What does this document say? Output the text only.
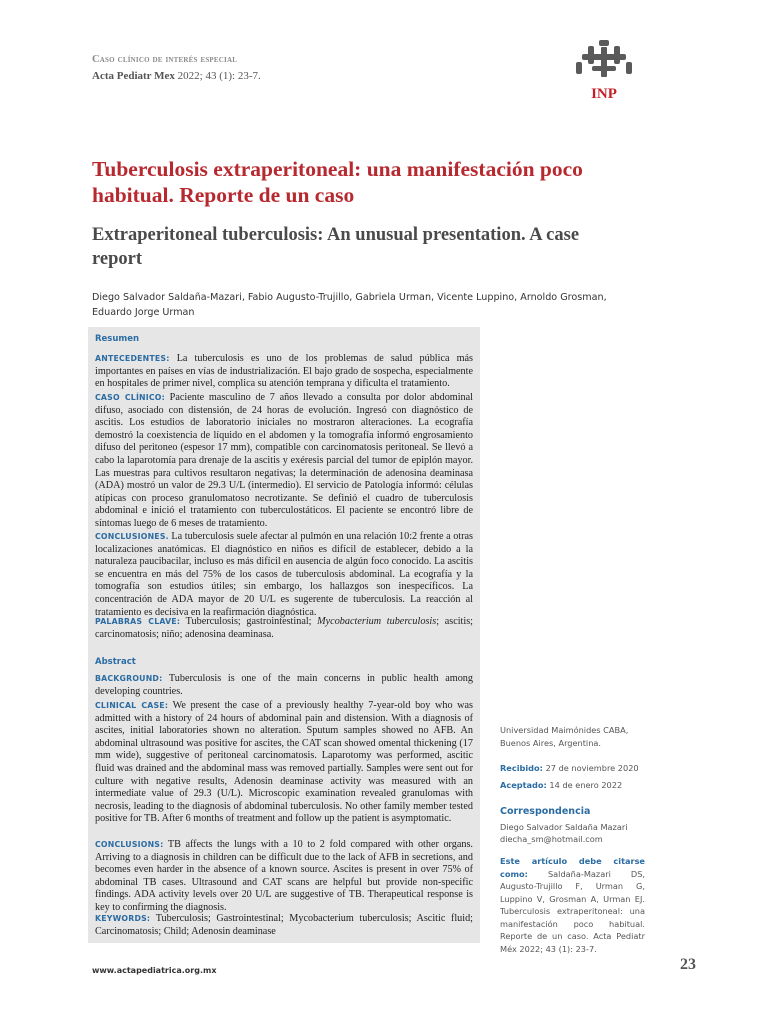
Caso clínico de interés especial
Acta Pediatr Mex 2022; 43 (1): 23-7.
INP
Tuberculosis extraperitoneal: una manifestación poco habitual. Reporte de un caso
Extraperitoneal tuberculosis: An unusual presentation. A case report
Diego Salvador Saldaña-Mazari, Fabio Augusto-Trujillo, Gabriela Urman, Vicente Luppino, Arnoldo Grosman, Eduardo Jorge Urman
Resumen
ANTECEDENTES: La tuberculosis es uno de los problemas de salud pública más importantes en países en vías de industrialización. El bajo grado de sospecha, especialmente en hospitales de primer nivel, complica su atención temprana y dificulta el tratamiento.
CASO CLÍNICO: Paciente masculino de 7 años llevado a consulta por dolor abdominal difuso, asociado con distensión, de 24 horas de evolución. Ingresó con diagnóstico de ascitis. Los estudios de laboratorio iniciales no mostraron alteraciones. La ecografía demostró la coexistencia de líquido en el abdomen y la tomografía informó engrosamiento difuso del peritoneo (espesor 17 mm), compatible con carcinomatosis peritoneal. Se llevó a cabo la laparotomía para drenaje de la ascitis y exéresis parcial del tumor de epiplón mayor. Las muestras para cultivos resultaron negativas; la determinación de adenosina deaminasa (ADA) mostró un valor de 29.3 U/L (intermedio). El servicio de Patología informó: células atípicas con proceso granulomatoso necrotizante. Se definió el cuadro de tuberculosis abdominal e inició el tratamiento con tuberculostáticos. El paciente se encontró libre de síntomas luego de 6 meses de tratamiento.
CONCLUSIONES. La tuberculosis suele afectar al pulmón en una relación 10:2 frente a otras localizaciones anatómicas. El diagnóstico en niños es difícil de establecer, debido a la naturaleza paucibacilar, incluso es más difícil en ausencia de algún foco conocido. La ascitis se encuentra en más del 75% de los casos de tuberculosis abdominal. La ecografía y la tomografía son estudios útiles; sin embargo, los hallazgos son inespecíficos. La concentración de ADA mayor de 20 U/L es sugerente de tuberculosis. La reacción al tratamiento es decisiva en la reafirmación diagnóstica.
PALABRAS CLAVE: Tuberculosis; gastrointestinal; Mycobacterium tuberculosis; ascitis; carcinomatosis; niño; adenosina deaminasa.
Abstract
BACKGROUND: Tuberculosis is one of the main concerns in public health among developing countries.
CLINICAL CASE: We present the case of a previously healthy 7-year-old boy who was admitted with a history of 24 hours of abdominal pain and distension. With a diagnosis of ascites, initial laboratories shown no alteration. Sputum samples showed no AFB. An abdominal ultrasound was positive for ascites, the CAT scan showed omental thickening (17 mm wide), suggestive of peritoneal carcinomatosis. Laparotomy was performed, ascitic fluid was drained and the abdominal mass was removed partially. Samples were sent out for culture with negative results, Adenosin deaminase activity was measured with an intermediate value of 29.3 (U/L). Microscopic examination revealed granulomas with necrosis, leading to the diagnosis of abdominal tuberculosis. No other family member tested positive for TB. After 6 months of treatment and follow up the patient is asymptomatic.
CONCLUSIONS: TB affects the lungs with a 10 to 2 fold compared with other organs. Arriving to a diagnosis in children can be difficult due to the lack of AFB in secretions, and becomes even harder in the absence of a known source. Ascites is present in over 75% of abdominal TB cases. Ultrasound and CAT scans are helpful but provide non-specific findings. ADA activity levels over 20 U/L are suggestive of TB. Therapeutical response is key to confirming the diagnosis.
KEYWORDS: Tuberculosis; Gastrointestinal; Mycobacterium tuberculosis; Ascitic fluid; Carcinomatosis; Child; Adenosin deaminase
Universidad Maimónides CABA, Buenos Aires, Argentina.
Recibido: 27 de noviembre 2020
Aceptado: 14 de enero 2022
Correspondencia
Diego Salvador Saldaña Mazari
diecha_sm@hotmail.com
Este artículo debe citarse como: Saldaña-Mazari DS, Augusto-Trujillo F, Urman G, Luppino V, Grosman A, Urman EJ. Tuberculosis extraperitoneal: una manifestación poco habitual. Reporte de un caso. Acta Pediatr Méx 2022; 43 (1): 23-7.
www.actapediatrica.org.mx	23
